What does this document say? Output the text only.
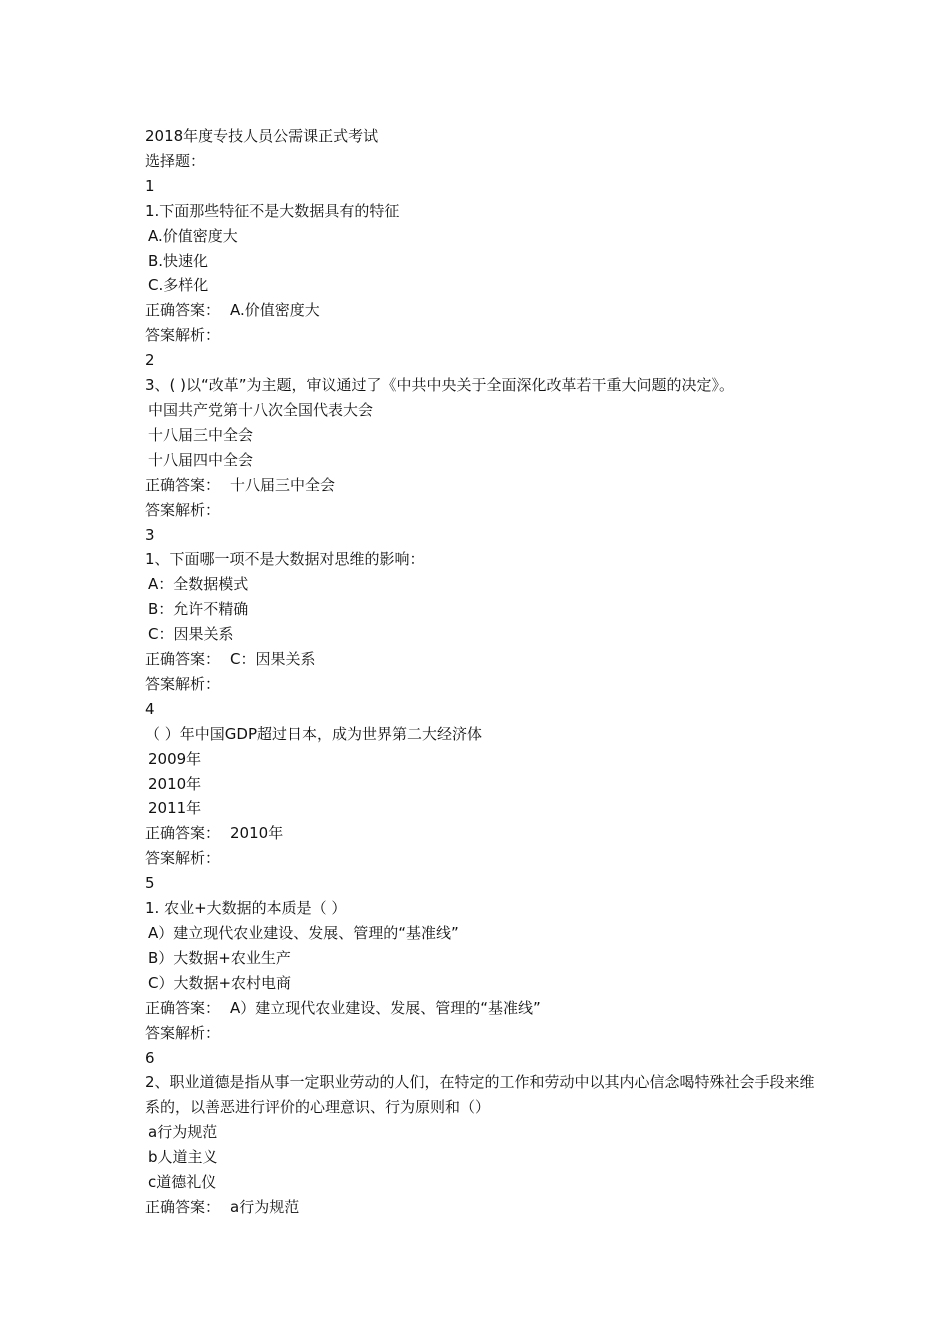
2018年度专技人员公需课正式考试
选择题：
1
1.下面那些特征不是大数据具有的特征
A.价值密度大
B.快速化
C.多样化
正确答案： A.价值密度大
答案解析：
2
3、( )以“改革”为主题，审议通过了《中共中央关于全面深化改革若干重大问题的决定》。
中国共产党第十八次全国代表大会
十八届三中全会
十八届四中全会
正确答案： 十八届三中全会
答案解析：
3
1、下面哪一项不是大数据对思维的影响：
A：全数据模式
B：允许不精确
C：因果关系
正确答案： C：因果关系
答案解析：
4
（ ）年中国GDP超过日本，成为世界第二大经济体
2009年
2010年
2011年
正确答案： 2010年
答案解析：
5
1. 农业+大数据的本质是（ ）
A）建立现代农业建设、发展、管理的“基准线”
B）大数据+农业生产
C）大数据+农村电商
正确答案： A）建立现代农业建设、发展、管理的“基准线”
答案解析：
6
2、职业道德是指从事一定职业劳动的人们，在特定的工作和劳动中以其内心信念喝特殊社会手段来维系的，以善恶进行评价的心理意识、行为原则和（）
a行为规范
b人道主义
c道德礼仪
正确答案： a行为规范
